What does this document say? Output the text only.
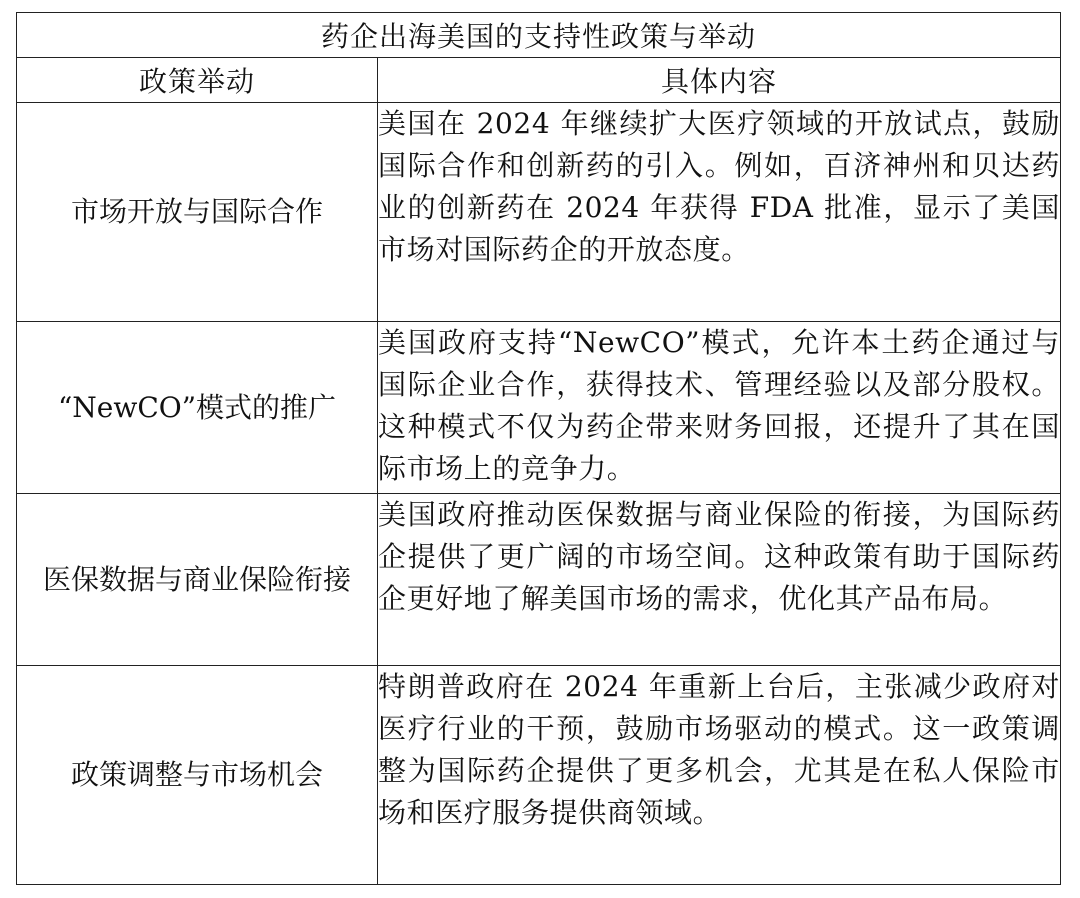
药企出海美国的支持性政策与举动	
政策举动	具体内容
市场开放与国际合作	美国在 2024 年继续扩大医疗领域的开放试点，鼓励国际合作和创新药的引入。例如，百济神州和贝达药业的创新药在 2024 年获得 FDA 批准，显示了美国市场对国际药企的开放态度。
“NewCO”模式的推广	美国政府支持“NewCO”模式，允许本土药企通过与国际企业合作，获得技术、管理经验以及部分股权。这种模式不仅为药企带来财务回报，还提升了其在国际市场上的竞争力。
医保数据与商业保险衔接	美国政府推动医保数据与商业保险的衔接，为国际药企提供了更广阔的市场空间。这种政策有助于国际药企更好地了解美国市场的需求，优化其产品布局。
政策调整与市场机会	特朗普政府在 2024 年重新上台后，主张减少政府对医疗行业的干预，鼓励市场驱动的模式。这一政策调整为国际药企提供了更多机会，尤其是在私人保险市场和医疗服务提供商领域。
